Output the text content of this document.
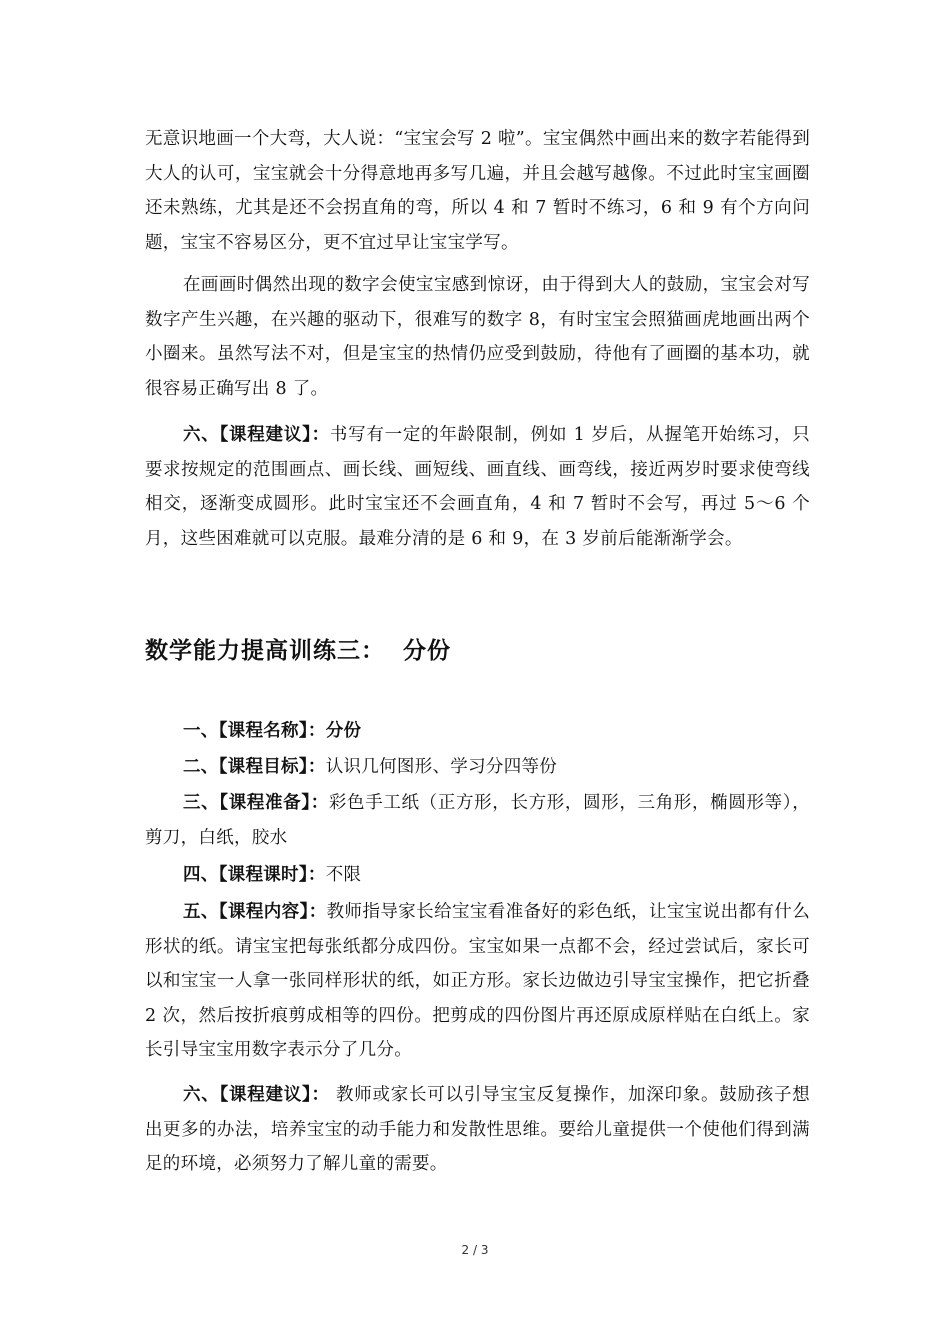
无意识地画一个大弯，大人说：“宝宝会写 2 啦”。宝宝偶然中画出来的数字若能得到大人的认可，宝宝就会十分得意地再多写几遍，并且会越写越像。不过此时宝宝画圈还未熟练，尤其是还不会拐直角的弯，所以 4 和 7 暂时不练习，6 和 9 有个方向问题，宝宝不容易区分，更不宜过早让宝宝学写。

在画画时偶然出现的数字会使宝宝感到惊讶，由于得到大人的鼓励，宝宝会对写数字产生兴趣，在兴趣的驱动下，很难写的数字 8，有时宝宝会照猫画虎地画出两个小圈来。虽然写法不对，但是宝宝的热情仍应受到鼓励，待他有了画圈的基本功，就很容易正确写出 8 了。

六、【课程建议】：书写有一定的年龄限制，例如 1 岁后，从握笔开始练习，只要求按规定的范围画点、画长线、画短线、画直线、画弯线，接近两岁时要求使弯线相交，逐渐变成圆形。此时宝宝还不会画直角，4 和 7 暂时不会写，再过 5～6 个月，这些困难就可以克服。最难分清的是 6 和 9，在 3 岁前后能渐渐学会。

数学能力提高训练三：  分份

一、【课程名称】：分份

二、【课程目标】：认识几何图形、学习分四等份

三、【课程准备】：彩色手工纸（正方形，长方形，圆形，三角形，椭圆形等），剪刀，白纸，胶水

四、【课程课时】：不限

五、【课程内容】：教师指导家长给宝宝看准备好的彩色纸，让宝宝说出都有什么形状的纸。请宝宝把每张纸都分成四份。宝宝如果一点都不会，经过尝试后，家长可以和宝宝一人拿一张同样形状的纸，如正方形。家长边做边引导宝宝操作，把它折叠 2 次，然后按折痕剪成相等的四份。把剪成的四份图片再还原成原样贴在白纸上。家长引导宝宝用数字表示分了几分。

六、【课程建议】： 教师或家长可以引导宝宝反复操作，加深印象。鼓励孩子想出更多的办法，培养宝宝的动手能力和发散性思维。要给儿童提供一个使他们得到满足的环境，必须努力了解儿童的需要。

2 / 3
